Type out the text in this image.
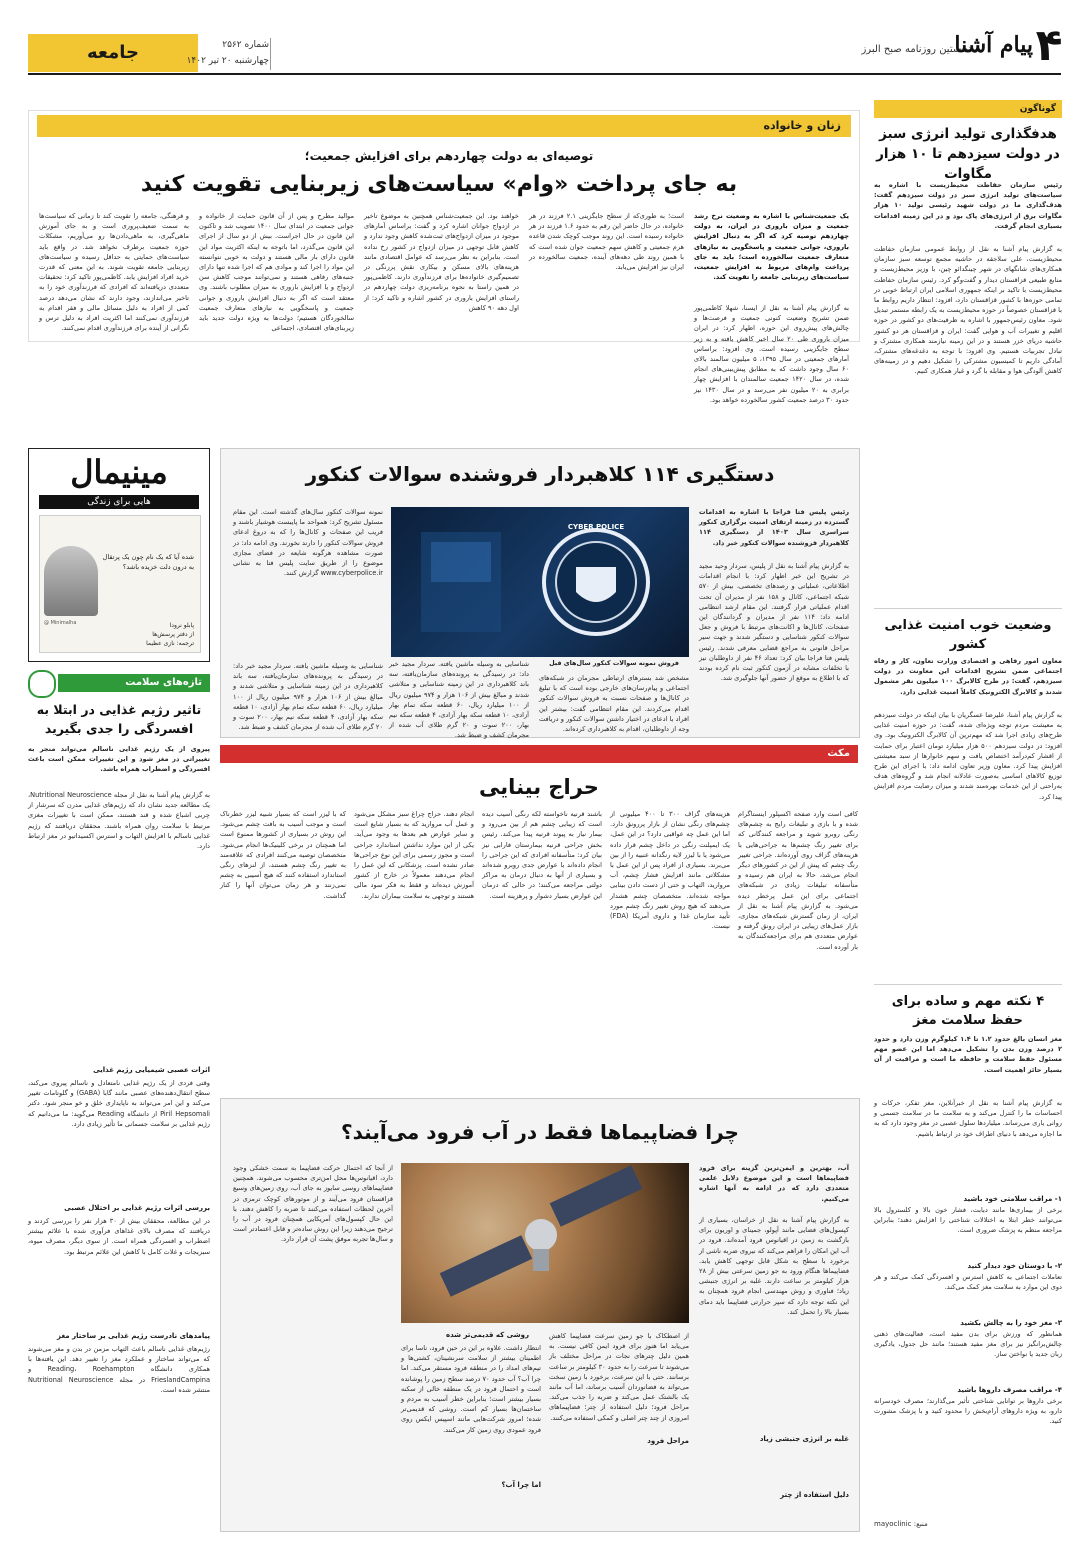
جامعه	شماره ۲۵۶۲
چهارشنبه ۲۰ تیر ۱۴۰۲
نخستین روزنامه صبح البرز
پیام آشنا ۴
گوناگون
هدفگذاری تولید انرژی سبز در دولت سیزدهم تا ۱۰ هزار مگاوات
رئیس سازمان حفاظت محیط‌زیست با اشاره به سیاست‌های تولید انرژی سبز در دولت سیزدهم گفت: هدف‌گذاری ما در دولت شهید رئیسی تولید ۱۰ هزار مگاوات برق از انرژی‌های پاک بود و در این زمینه اقدامات بسیاری انجام گرفت.
به گزارش پیام آشنا به نقل از روابط عمومی سازمان حفاظت محیط‌زیست، علی سلاجقه در حاشیه مجمع توسعه سبز سازمان همکاری‌های شانگهای در شهر چینگدائو چین، با وزیر محیط‌زیست و منابع طبیعی قزاقستان دیدار و گفت‌وگو کرد. رئیس سازمان حفاظت محیط‌زیست با تاکید بر اینکه جمهوری اسلامی ایران ارتباط خوبی در تمامی حوزه‌ها با کشور قزاقستان دارد، افزود: انتظار داریم روابط ما با قزاقستان خصوصاً در حوزه محیط‌زیست به یک رابطه مستمر تبدیل شود. معاون رئیس‌جمهور با اشاره به ظرفیت‌های دو کشور در حوزه اقلیم و تغییرات آب و هوایی گفت: ایران و قزاقستان هر دو کشور حاشیه دریای خزر هستند و در این زمینه نیازمند همکاری مشترک و تبادل تجربیات هستیم. وی افزود: با توجه به دغدغه‌های مشترک، آمادگی داریم تا کمیسیون مشترکی را تشکیل دهیم و در زمینه‌های کاهش آلودگی هوا و مقابله با گرد و غبار همکاری کنیم.
وضعیت خوب امنیت غذایی کشور
معاون امور رفاهی و اقتصادی وزارت تعاون، کار و رفاه اجتماعی ضمن تشریح اقدامات این معاونت در دولت سیزدهم، گفت: در طرح کالابرگ ۱۰۰ میلیون نفر مشمول شدند و کالابرگ الکترونیک کاملاً امنیت غذایی دارد.
به گزارش پیام آشنا، علیرضا عسگریان با بیان اینکه در دولت سیزدهم به معیشت مردم توجه ویژه‌ای شده، گفت: در حوزه امنیت غذایی طرح‌های زیادی اجرا شد که مهم‌ترین آن کالابرگ الکترونیک بود. وی افزود: در دولت سیزدهم ۵۰۰ هزار میلیارد تومان اعتبار برای حمایت از اقشار کم‌درآمد اختصاص یافت و سهم خانوارها از سبد معیشتی افزایش پیدا کرد. معاون وزیر تعاون ادامه داد: با اجرای این طرح توزیع کالاهای اساسی به‌صورت عادلانه انجام شد و گروه‌های هدف به‌راحتی از این خدمات بهره‌مند شدند و میزان رضایت مردم افزایش پیدا کرد.
۴ نکته مهم و ساده برای حفظ سلامت مغز
مغز انسان بالغ حدود ۱.۲ تا ۱.۴ کیلوگرم وزن دارد و حدود ۲ درصد وزن بدن را تشکیل می‌دهد اما این عضو مهم مسئول حفظ سلامت و حافظه ما است و مراقبت از آن بسیار حائز اهمیت است.
به گزارش پیام آشنا به نقل از خبرآنلاین، مغز تفکر، حرکات و احساسات ما را کنترل می‌کند و به سلامت ما در سلامت جسمی و روانی یاری می‌رساند. میلیاردها سلول عصبی در مغز وجود دارد که به ما اجازه می‌دهد با دنیای اطراف خود در ارتباط باشیم.
۱- مراقب سلامتی خود باشید
برخی از بیماری‌ها مانند دیابت، فشار خون بالا و کلسترول بالا می‌توانند خطر ابتلا به اختلالات شناختی را افزایش دهند؛ بنابراین مراجعه منظم به پزشک ضروری است.
۲- با دوستان خود دیدار کنید
تعاملات اجتماعی به کاهش استرس و افسردگی کمک می‌کند و هر دوی این موارد به سلامت مغز کمک می‌کند.
۳- مغز خود را به چالش بکشید
همانطور که ورزش برای بدن مفید است، فعالیت‌های ذهنی چالش‌برانگیز نیز برای مغز مفید هستند؛ مانند حل جدول، یادگیری زبان جدید یا نواختن ساز.
۴- مراقب مصرف داروها باشید
برخی داروها بر توانایی شناختی تأثیر می‌گذارند؛ مصرف خودسرانه دارو، به ویژه داروهای آرام‌بخش را محدود کنید و با پزشک مشورت کنید.
منبع: mayoclinic
زنان و خانواده
توصیه‌ای به دولت چهاردهم برای افزایش جمعیت؛
به جای پرداخت «وام» سیاست‌های زیربنایی تقویت کنید
یک جمعیت‌شناس با اشاره به وضعیت نرخ رشد جمعیت و میزان باروری در ایران، به دولت چهاردهم توصیه کرد که اگر به دنبال افزایش باروری، جوانی جمعیت و پاسخگویی به نیازهای متعارف جمعیت سالخورده است؛ باید به جای پرداخت وام‌های مربوط به افزایش جمعیت، سیاست‌های زیربنایی جامعه را تقویت کند.
به گزارش پیام آشنا به نقل از ایسنا، شهلا کاظمی‌پور ضمن تشریح وضعیت کنونی جمعیت و فرصت‌ها و چالش‌های پیش‌روی این حوزه، اظهار کرد: در ایران میزان باروری طی ۲۰ سال اخیر کاهش یافته و به زیر سطح جایگزینی رسیده است. وی افزود: براساس آمارهای جمعیتی در سال ۱۳۹۵، ۵ میلیون سالمند بالای ۶۰ سال وجود داشت که به مطابق پیش‌بینی‌های انجام شده، در سال ۱۴۲۰ جمعیت سالمندان با افزایش چهار برابری به ۲۰ میلیون نفر می‌رسد و در سال ۱۴۳۰ نیز حدود ۳۰ درصد جمعیت کشور سالخورده خواهد بود.
است؛ به طوری‌که از سطح جایگزینی ۲.۱ فرزند در هر خانواده، در حال حاضر این رقم به حدود ۱.۶ فرزند در هر خانواده رسیده است. این روند موجب کوچک شدن قاعده هرم جمعیتی و کاهش سهم جمعیت جوان شده است که با همین روند طی دهه‌های آینده، جمعیت سالخورده در ایران نیز افزایش می‌یابد.
خواهند بود. این جمعیت‌شناس همچنین به موضوع تاخیر در ازدواج جوانان اشاره کرد و گفت: براساس آمارهای موجود در میزان ازدواج‌های ثبت‌شده کاهش وجود ندارد و کاهش قابل توجهی در میزان ازدواج در کشور رخ نداده است. بنابراین به نظر می‌رسد که عوامل اقتصادی مانند هزینه‌های بالای مسکن و بیکاری نقش پررنگی در تصمیم‌گیری خانواده‌ها برای فرزندآوری دارند. کاظمی‌پور در همین راستا به نحوه برنامه‌ریزی دولت چهاردهم در راستای افزایش باروری در کشور اشاره و تاکید کرد: از اول دهه ۹۰ کاهش
موالید مطرح و پس از آن قانون حمایت از خانواده و جوانی جمعیت در ابتدای سال ۱۴۰۰ تصویب شد و تاکنون این قانون در حال اجراست. بیش از دو سال از اجرای این قانون می‌گذرد، اما باتوجه به اینکه اکثریت مواد این قانون دارای بار مالی هستند و دولت به خوبی نتوانسته این مواد را اجرا کند و موادی هم که اجرا شده تنها دارای جنبه‌های رفاهی هستند و نمی‌توانند موجب کاهش سن ازدواج و یا افزایش باروری به میزان مطلوب باشند. وی معتقد است که اگر به دنبال افزایش باروری و جوانی جمعیت و پاسخگویی به نیازهای متعارف جمعیت سالخوردگان هستیم؛ دولت‌ها به ویژه دولت جدید باید زیربنای‌های اقتصادی، اجتماعی
و فرهنگی، جامعه را تقویت کند تا زمانی که سیاست‌ها به سمت ضعیف‌پروری است و به جای آموزش ماهی‌گیری، به ماهی‌دادن‌ها رو می‌آوریم، مشکلات حوزه جمعیت برطرف نخواهد شد. در واقع باید سیاست‌های حمایتی به حداقل رسیده و سیاست‌های زیربنایی جامعه تقویت شوند. به این معنی که قدرت خرید افراد افزایش یابد. کاظمی‌پور تاکید کرد: تحقیقات متعددی دریافته‌اند که افرادی که فرزندآوری خود را به تاخیر می‌اندازند، وجود دارند که نشان می‌دهد درصد کمی از افراد به دلیل مسائل مالی و فقر اقدام به فرزندآوری نمی‌کنند اما اکثریت افراد به دلیل ترس و نگرانی از آینده برای فرزندآوری اقدام نمی‌کنند.
دستگیری ۱۱۴ کلاهبردار فروشنده سوالات کنکور
رئیس پلیس فتا فراجا با اشاره به اقدامات گسترده در زمینه ارتقای امنیت برگزاری کنکور سراسری سال ۱۴۰۳ از دستگیری ۱۱۴ کلاهبردار فروشنده سوالات کنکور خبر داد.
به گزارش پیام آشنا به نقل از پلیس، سردار وحید مجید در تشریح این خبر اظهار کرد: با انجام اقدامات اطلاعاتی، عملیاتی و رصدهای تخصصی، بیش از ۵۷۰ شبکه اجتماعی، کانال و ۱۵۸ نفر از مدیران آن تحت اقدام عملیاتی قرار گرفتند. این مقام ارشد انتظامی ادامه داد: ۱۱۴ نفر از مدیران و گردانندگان این صفحات، کانال‌ها و اکانت‌های مرتبط با فروش و جعل سوالات کنکور شناسایی و دستگیر شدند و جهت سیر مراحل قانونی به مراجع قضایی معرفی شدند. رئیس پلیس فتا فراجا بیان کرد: تعداد ۴۶ نفر از داوطلبان نیز با تخلفات مشابه در آزمون کنکور ثبت نام کرده بودند که با اطلاع به موقع از حضور آنها جلوگیری شد.
CYBER POLICE
فروش نمونه سوالات کنکور سال‌های قبل
مشخص شد بسترهای ارتباطی مجرمان در شبکه‌های اجتماعی و پیام‌رسان‌های خارجی بوده است که با تبلیغ در کانال‌ها و صفحات نسبت به فروش سوالات کنکور اقدام می‌کردند. این مقام انتظامی گفت: بیشتر این افراد با ادعای در اختیار داشتن سوالات کنکور و دریافت وجه از داوطلبان، اقدام به کلاهبرداری کرده‌اند.
نمونه سوالات کنکور سال‌های گذشته است. این مقام مسئول تشریح کرد: همواحد ما پایبست هوشیار باشند و فریب این صفحات و کانال‌ها را که به دروغ ادعای فروش سوالات کنکور را دارند نخورند. وی ادامه داد: در صورت مشاهده هرگونه شایعه در فضای مجازی موضوع را از طریق سایت پلیس فتا به نشانی www.cyberpolice.ir گزارش کنند.
شناسایی به وسیله ماشین یافته. سردار مجید خبر داد: در رسیدگی به پرونده‌های سازمان‌یافته، سه باند کلاهبرداری در این زمینه شناسایی و متلاشی شدند و مبالغ بیش از ۱۰۶ هزار و ۹۷۴ میلیون ریال از ۱۰۰ میلیارد ریال، ۶۰ قطعه سکه تمام بهار آزادی، ۱۰ قطعه سکه بهار آزادی، ۴ قطعه سکه نیم بهار، ۲۰۰ سوت و ۲۰ گرم طلای آب شده از مجرمان کشف و ضبط شد.
شناسایی به وسیله ماشین یافته. سردار مجید خبر داد: در رسیدگی به پرونده‌های سازمان‌یافته، سه باند کلاهبرداری در این زمینه شناسایی و متلاشی شدند و مبالغ بیش از ۱۰۶ هزار و ۹۷۴ میلیون ریال از ۱۰۰ میلیارد ریال، ۶۰ قطعه سکه تمام بهار آزادی، ۱۰ قطعه سکه بهار آزادی، ۴ قطعه سکه نیم بهار، ۲۰۰ سوت و ۲۰ گرم طلای آب شده از مجرمان کشف و ضبط شد.
مینیمال
هایی برای زندگی
شده آیا که یک نام چون یک پرتقال به درون دلت خزیده باشد؟
@ Minimalha	پابلو نرودا
از دفتر پرسش‌ها
ترجمه: نازی عظیما
تازه‌های سلامت
تاثیر رژیم غذایی در ابتلا به افسردگی را جدی بگیرید
پیروی از یک رژیم غذایی ناسالم می‌تواند منجر به تغییراتی در مغز شود و این تغییرات ممکن است باعث افسردگی و اضطراب همراه باشد.
به گزارش پیام آشنا به نقل از مجله Nutritional Neuroscience، یک مطالعه جدید نشان داد که رژیم‌های غذایی مدرن که سرشار از چربی اشباع شده و قند هستند، ممکن است با تغییرات مغزی مرتبط با سلامت روان همراه باشند. محققان دریافتند که رژیم غذایی ناسالم با افزایش التهاب و استرس اکسیداتیو در مغز ارتباط دارد.
اثرات عصبی شیمیایی رژیم غذایی
وقتی فردی از یک رژیم غذایی نامتعادل و ناسالم پیروی می‌کند، سطح انتقال‌دهنده‌های عصبی مانند گابا (GABA) و گلوتامات تغییر می‌کند و این امر می‌تواند به ناپایداری خلق و خو منجر شود. دکتر Piril Hepsomali از دانشگاه Reading می‌گوید: ما می‌دانیم که رژیم غذایی بر سلامت جسمانی ما تأثیر زیادی دارد.
بررسی اثرات رژیم غذایی بر اختلال عصبی
در این مطالعه، محققان بیش از ۳۰ هزار نفر را بررسی کردند و دریافتند که مصرف بالای غذاهای فرآوری شده با علائم بیشتر اضطراب و افسردگی همراه است. از سوی دیگر، مصرف میوه، سبزیجات و غلات کامل با کاهش این علائم مرتبط بود.
پیامدهای نادرست رژیم غذایی بر ساختار مغز
رژیم‌های غذایی ناسالم باعث التهاب مزمن در بدن و مغز می‌شوند که می‌تواند ساختار و عملکرد مغز را تغییر دهد. این یافته‌ها با همکاری دانشگاه Reading، Roehampton و FrieslandCampina در مجله Nutritional Neuroscience منتشر شده است.
مکث
حراج بینایی
کافی است وارد صفحه اکسپلور اینستاگرام شده و با بازی و تبلیغات رایج به چشم‌های رنگی روبرو شوید و مراجعه کنندگانی که برای تغییر رنگ چشم‌ها به جراحی‌هایی با هزینه‌های گزاف روی آورده‌اند. جراحی تغییر رنگ چشم که پیش از این در کشورهای دیگر انجام می‌شد، حالا به ایران هم رسیده و متأسفانه تبلیغات زیادی در شبکه‌های اجتماعی برای این عمل پرخطر دیده می‌شود. به گزارش پیام آشنا به نقل از ایران، از زمان گسترش شبکه‌های مجازی، بازار عمل‌های زیبایی در ایران رونق گرفته و عوارض متعددی هم برای مراجعه‌کنندگان به بار آورده است.
هزینه‌های گزاف ۳۰۰ تا ۴۰۰ میلیونی از چشم‌های رنگی نشان از بازار پررونق دارد. اما این عمل چه عواقبی دارد؟ در این عمل، یک ایمپلنت رنگی در داخل چشم قرار داده می‌شود یا با لیزر لایه رنگدانه عنبیه را از بین می‌برند. بسیاری از افراد پس از این عمل با مشکلاتی مانند افزایش فشار چشم، آب مروارید، التهاب و حتی از دست دادن بینایی مواجه شده‌اند. متخصصان چشم هشدار می‌دهند که هیچ روش تغییر رنگ چشم مورد تأیید سازمان غذا و داروی آمریکا (FDA) نیست.
باشند قرنیه ناخواسته لکه رنگی آسیب دیده است که زیبایی چشم هم از بین می‌رود و بیمار نیاز به پیوند قرنیه پیدا می‌کند. رئیس بخش جراحی قرنیه بیمارستان فارابی نیز بیان کرد: متأسفانه افرادی که این جراحی را انجام داده‌اند با عوارض جدی روبرو شده‌اند و بسیاری از آنها به دنبال درمان به مراکز دولتی مراجعه می‌کنند؛ در حالی که درمان این عوارض بسیار دشوار و پرهزینه است.
انجام دهند. حراج چراغ سبز مشکل می‌شود و عمل آب مروارید که به بسیار شایع است و سایر عوارض هم بعدها به وجود می‌آید. یکی از این موارد نداشتن استاندارد جراحی است و مجوز رسمی برای این نوع جراحی‌ها صادر نشده است. پزشکانی که این عمل را انجام می‌دهند معمولاً در خارج از کشور آموزش دیده‌اند و فقط به فکر سود مالی هستند و توجهی به سلامت بیماران ندارند.
که با لیزر است که بسیار شبیه لیزر خطرناک است و موجب آسیب به بافت چشم می‌شود. این روش در بسیاری از کشورها ممنوع است اما همچنان در برخی کلینیک‌ها انجام می‌شود. متخصصان توصیه می‌کنند افرادی که علاقه‌مند به تغییر رنگ چشم هستند، از لنزهای رنگی استاندارد استفاده کنند که هیچ آسیبی به چشم نمی‌زنند و هر زمان می‌توان آنها را کنار گذاشت.
چرا فضاپیماها فقط در آب فرود می‌آیند؟
آب، بهترین و ایمن‌ترین گزینه برای فرود فضاپیماها است و این موضوع دلایل علمی متعددی دارد که در ادامه به آنها اشاره می‌کنیم.
به گزارش پیام آشنا به نقل از خراسان، بسیاری از کپسول‌های فضایی مانند آپولو، جمینای و اوریون برای بازگشت به زمین در اقیانوس فرود آمده‌اند. فرود در آب این امکان را فراهم می‌کند که نیروی ضربه ناشی از برخورد با سطح به شکل قابل توجهی کاهش یابد. فضاپیماها هنگام ورود به جو زمین سرعتی بیش از ۲۸ هزار کیلومتر بر ساعت دارند. غلبه بر انرژی جنبشی زیاد؛ فناوری و روش مهندسی انجام فرود همچنان به این نکته توجه دارد که سپر حرارتی فضاپیما باید دمای بسیار بالا را تحمل کند.
روشی که قدیمی‌تر شده	از اصطکاک با جو زمین سرعت فضاپیما کاهش می‌یابد اما هنوز برای فرود ایمن کافی نیست. به همین دلیل چترهای نجات در مراحل مختلف باز می‌شوند تا سرعت را به حدود ۳۰ کیلومتر بر ساعت برسانند. حتی با این سرعت، برخورد با زمین سخت می‌تواند به فضانوردان آسیب برساند، اما آب مانند یک بالشتک عمل می‌کند و ضربه را جذب می‌کند. مراحل فرود؛ دلیل استفاده از چتر؛ فضاپیماهای امروزی از چند چتر اصلی و کمکی استفاده می‌کنند.
انتظار داشت. علاوه بر این در حین فرود، ناسا برای اطمینان بیشتر از سلامت سرنشینان، کشتی‌ها و تیم‌های امداد را در منطقه فرود مستقر می‌کند. اما چرا آب؟ آب حدود ۷۰ درصد سطح زمین را پوشانده است و احتمال فرود در یک منطقه خالی از سکنه بسیار بیشتر است؛ بنابراین خطر آسیب به مردم و ساختمان‌ها بسیار کم است. روشی که قدیمی‌تر شده؛ امروز شرکت‌هایی مانند اسپیس ایکس روی فرود عمودی روی زمین کار می‌کنند.
از آنجا که احتمال حرکت فضاپیما به سمت خشکی وجود دارد، اقیانوس‌ها محل امن‌تری محسوب می‌شوند. همچنین فضاپیماهای روسی سایوز به جای آب، روی زمین‌های وسیع قزاقستان فرود می‌آیند و از موتورهای کوچک ترمزی در آخرین لحظات استفاده می‌کنند تا ضربه را کاهش دهند. با این حال کپسول‌های آمریکایی همچنان فرود در آب را ترجیح می‌دهند زیرا این روش ساده‌تر و قابل اعتمادتر است و سال‌ها تجربه موفق پشت آن قرار دارد.
غلبه بر انرژی جنبشی زیاد
مراحل فرود
دلیل استفاده از چتر
اما چرا آب؟
